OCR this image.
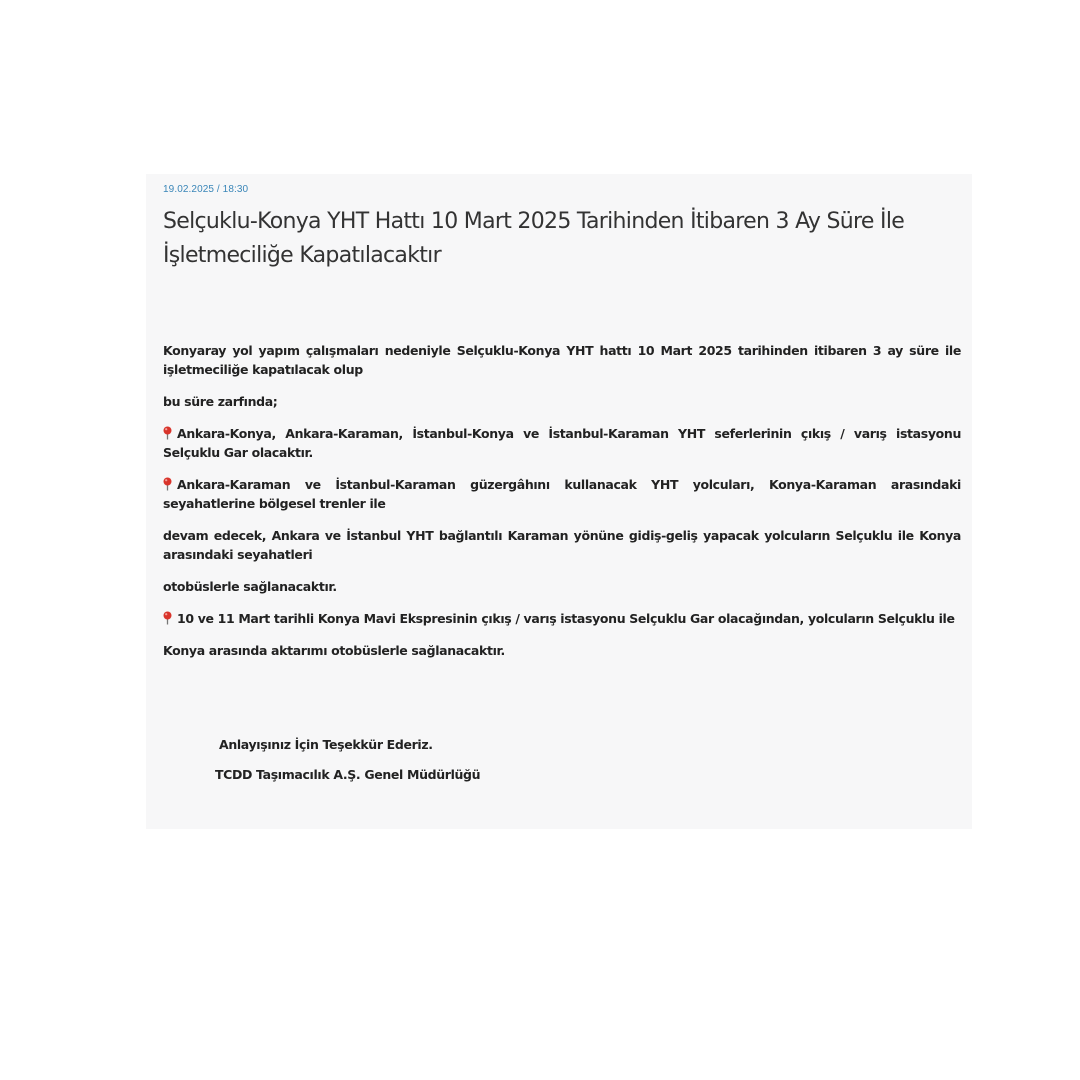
19.02.2025 / 18:30
Selçuklu-Konya YHT Hattı 10 Mart 2025 Tarihinden İtibaren 3 Ay Süre İle İşletmeciliğe Kapatılacaktır

Konyaray yol yapım çalışmaları nedeniyle Selçuklu-Konya YHT hattı 10 Mart 2025 tarihinden itibaren 3 ay süre ile işletmeciliğe kapatılacak olup

bu süre zarfında;

Ankara-Konya, Ankara-Karaman, İstanbul-Konya ve İstanbul-Karaman YHT seferlerinin çıkış / varış istasyonu Selçuklu Gar olacaktır.

Ankara-Karaman ve İstanbul-Karaman güzergâhını kullanacak YHT yolcuları, Konya-Karaman arasındaki seyahatlerine bölgesel trenler ile

devam edecek, Ankara ve İstanbul YHT bağlantılı Karaman yönüne gidiş-geliş yapacak yolcuların Selçuklu ile Konya arasındaki seyahatleri

otobüslerle sağlanacaktır.

10 ve 11 Mart tarihli Konya Mavi Ekspresinin çıkış / varış istasyonu Selçuklu Gar olacağından, yolcuların Selçuklu ile

Konya arasında aktarımı otobüslerle sağlanacaktır.

Anlayışınız İçin Teşekkür Ederiz.
TCDD Taşımacılık A.Ş. Genel Müdürlüğü
